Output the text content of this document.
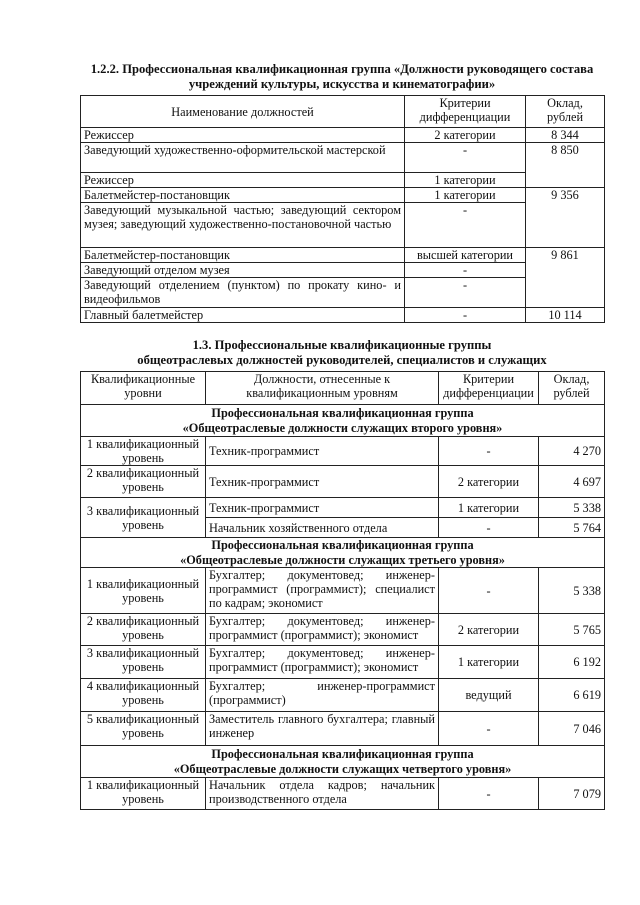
1.2.2. Профессиональная квалификационная группа «Должности руководящего состава
учреждений культуры, искусства и кинематографии»
Наименование должностей	Критерии дифференциации	Оклад, рублей
Режиссер	2 категории	8 344
Заведующий художественно-оформительской мастерской	-	8 850
Режиссер	1 категории	
Балетмейстер-постановщик	1 категории	9 356
Заведующий музыкальной частью; заведующий сектором музея; заведующий художественно-постановочной частью	-	
Балетмейстер-постановщик	высшей категории	9 861
Заведующий отделом музея	-	
Заведующий отделением (пунктом) по прокату кино- и видеофильмов	-	
Главный балетмейстер	-	10 114
1.3. Профессиональные квалификационные группы
общеотраслевых должностей руководителей, специалистов и служащих
Квалификационные уровни	Должности, отнесенные к квалификационным уровням	Критерии дифференциации	Оклад, рублей

Профессиональная квалификационная группа
«Общеотраслевые должности служащих второго уровня»			

1 квалификационный уровень	Техник-программист	-	4 270
2 квалификационный уровень	Техник-программист	2 категории	4 697
3 квалификационный уровень	Техник-программист	1 категории	5 338
	Начальник хозяйственного отдела	-	5 764

Профессиональная квалификационная группа
«Общеотраслевые должности служащих третьего уровня»			

1 квалификационный уровень	Бухгалтер; документовед; инженер-программист (программист); специалист по кадрам; экономист	-	5 338
2 квалификационный уровень	Бухгалтер; документовед; инженер-программист (программист); экономист	2 категории	5 765
3 квалификационный уровень	Бухгалтер; документовед; инженер-программист (программист); экономист	1 категории	6 192
4 квалификационный уровень	Бухгалтер; инженер-программист (программист)	ведущий	6 619
5 квалификационный уровень	Заместитель главного бухгалтера; главный инженер	-	7 046

Профессиональная квалификационная группа
«Общеотраслевые должности служащих четвертого уровня»			

1 квалификационный уровень	Начальник отдела кадров; начальник производственного отдела	-	7 079
